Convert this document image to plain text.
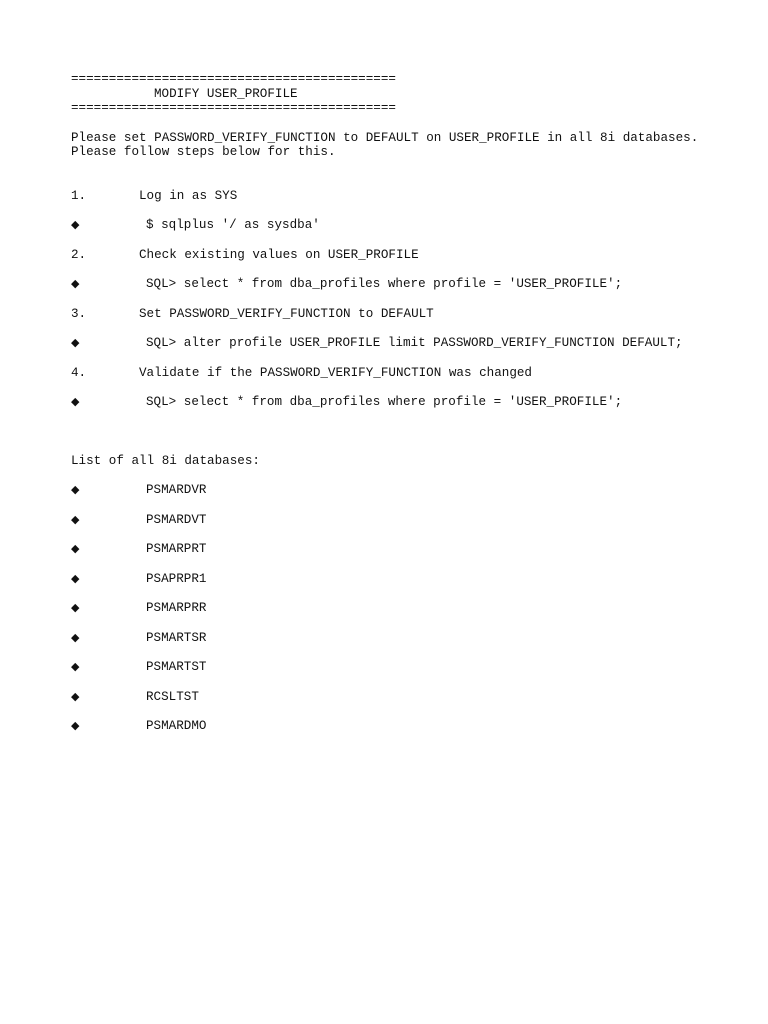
===========================================
MODIFY USER_PROFILE
===========================================
Please set PASSWORD_VERIFY_FUNCTION to DEFAULT on USER_PROFILE in all 8i databases.
Please follow steps below for this.
1.	Log in as SYS
◆	$ sqlplus '/ as sysdba'
2.	Check existing values on USER_PROFILE
◆	SQL> select * from dba_profiles where profile = 'USER_PROFILE';
3.	Set PASSWORD_VERIFY_FUNCTION to DEFAULT
◆	SQL> alter profile USER_PROFILE limit PASSWORD_VERIFY_FUNCTION DEFAULT;
4.	Validate if the PASSWORD_VERIFY_FUNCTION was changed
◆	SQL> select * from dba_profiles where profile = 'USER_PROFILE';
List of all 8i databases:
◆	PSMARDVR
◆	PSMARDVT
◆	PSMARPRT
◆	PSAPRPR1
◆	PSMARPRR
◆	PSMARTSR
◆	PSMARTST
◆	RCSLTST
◆	PSMARDMO
